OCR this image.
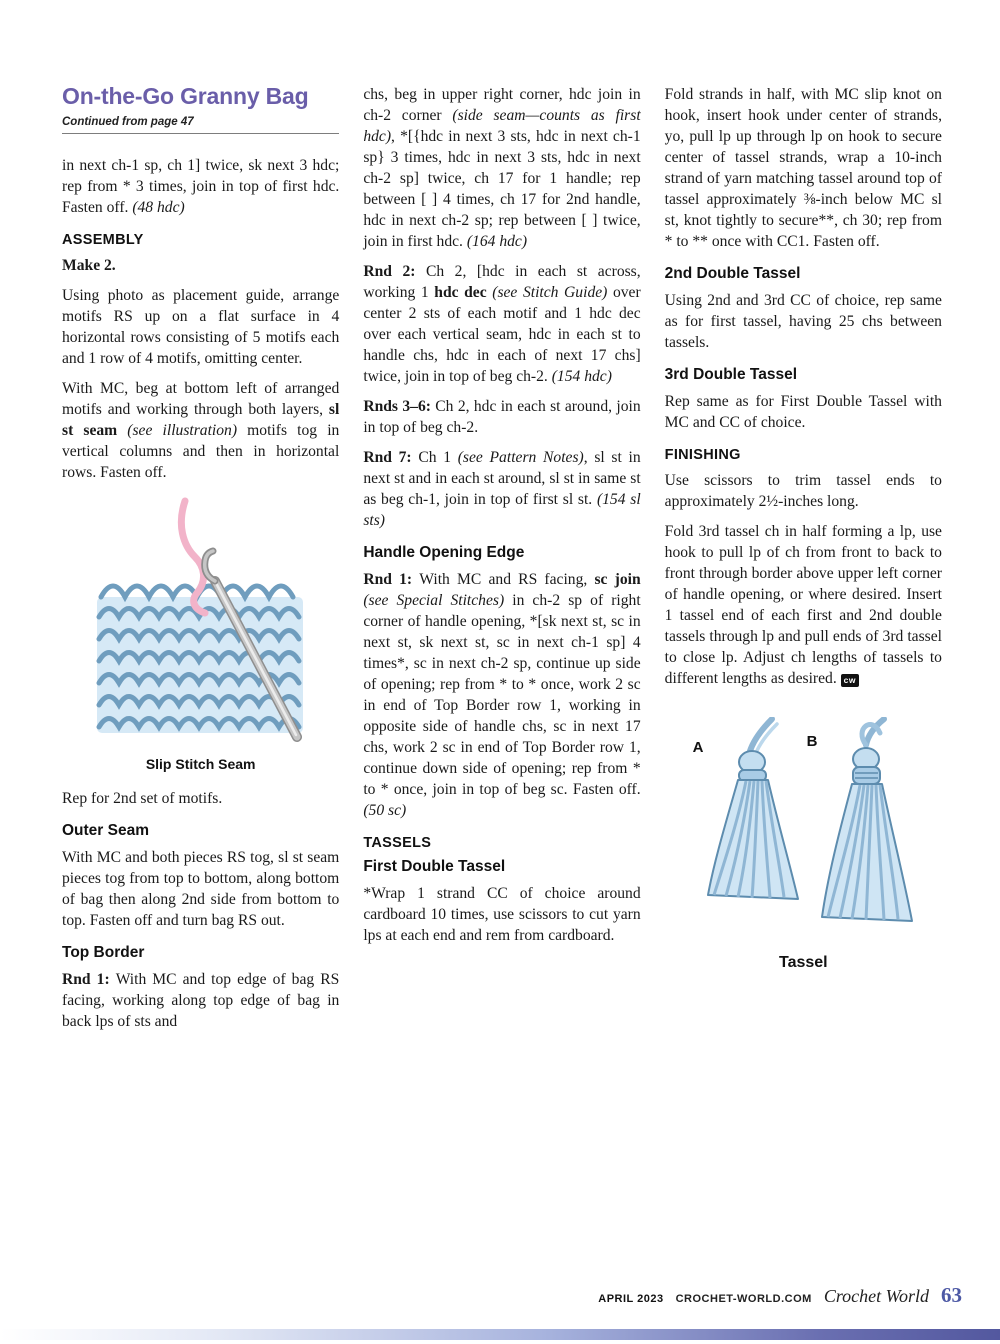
On-the-Go Granny Bag
Continued from page 47

in next ch-1 sp, ch 1] twice, sk next 3 hdc; rep from * 3 times, join in top of first hdc. Fasten off. (48 hdc)

ASSEMBLY

Make 2.

Using photo as placement guide, arrange motifs RS up on a flat surface in 4 horizontal rows consisting of 5 motifs each and 1 row of 4 motifs, omitting center.

With MC, beg at bottom left of arranged motifs and working through both layers, sl st seam (see illustration) motifs tog in vertical columns and then in horizontal rows. Fasten off.

Slip Stitch Seam

Rep for 2nd set of motifs.

Outer Seam

With MC and both pieces RS tog, sl st seam pieces tog from top to bottom, along bottom of bag then along 2nd side from bottom to top. Fasten off and turn bag RS out.

Top Border

Rnd 1: With MC and top edge of bag RS facing, working along top edge of bag in back lps of sts and

chs, beg in upper right corner, hdc join in ch-2 corner (side seam—counts as first hdc), *[{hdc in next 3 sts, hdc in next ch-1 sp} 3 times, hdc in next 3 sts, hdc in next ch-2 sp] twice, ch 17 for 1 handle; rep between [ ] 4 times, ch 17 for 2nd handle, hdc in next ch-2 sp; rep between [ ] twice, join in first hdc. (164 hdc)

Rnd 2: Ch 2, [hdc in each st across, working 1 hdc dec (see Stitch Guide) over center 2 sts of each motif and 1 hdc dec over each vertical seam, hdc in each st to handle chs, hdc in each of next 17 chs] twice, join in top of beg ch-2. (154 hdc)

Rnds 3–6: Ch 2, hdc in each st around, join in top of beg ch-2.

Rnd 7: Ch 1 (see Pattern Notes), sl st in next st and in each st around, sl st in same st as beg ch-1, join in top of first sl st. (154 sl sts)

Handle Opening Edge

Rnd 1: With MC and RS facing, sc join (see Special Stitches) in ch-2 sp of right corner of handle opening, *[sk next st, sc in next st, sk next st, sc in next ch-1 sp] 4 times*, sc in next ch-2 sp, continue up side of opening; rep from * to * once, work 2 sc in end of Top Border row 1, working in opposite side of handle chs, sc in next 17 chs, work 2 sc in end of Top Border row 1, continue down side of opening; rep from * to * once, join in top of beg sc. Fasten off. (50 sc)

TASSELS
First Double Tassel

*Wrap 1 strand CC of choice around cardboard 10 times, use scissors to cut yarn lps at each end and rem from cardboard.

Fold strands in half, with MC slip knot on hook, insert hook under center of strands, yo, pull lp up through lp on hook to secure center of tassel strands, wrap a 10-inch strand of yarn matching tassel around top of tassel approximately ⅜-inch below MC sl st, knot tightly to secure**, ch 30; rep from * to ** once with CC1. Fasten off.

2nd Double Tassel

Using 2nd and 3rd CC of choice, rep same as for first tassel, having 25 chs between tassels.

3rd Double Tassel

Rep same as for First Double Tassel with MC and CC of choice.

FINISHING

Use scissors to trim tassel ends to approximately 2½-inches long.

Fold 3rd tassel ch in half forming a lp, use hook to pull lp of ch from front to back to front through border above upper left corner of handle opening, or where desired. Insert 1 tassel end of each first and 2nd double tassels through lp and pull ends of 3rd tassel to close lp. Adjust ch lengths of tassels to different lengths as desired. cw

A	B
Tassel
APRIL 2023 CROCHET-WORLD.COM Crochet World 63
